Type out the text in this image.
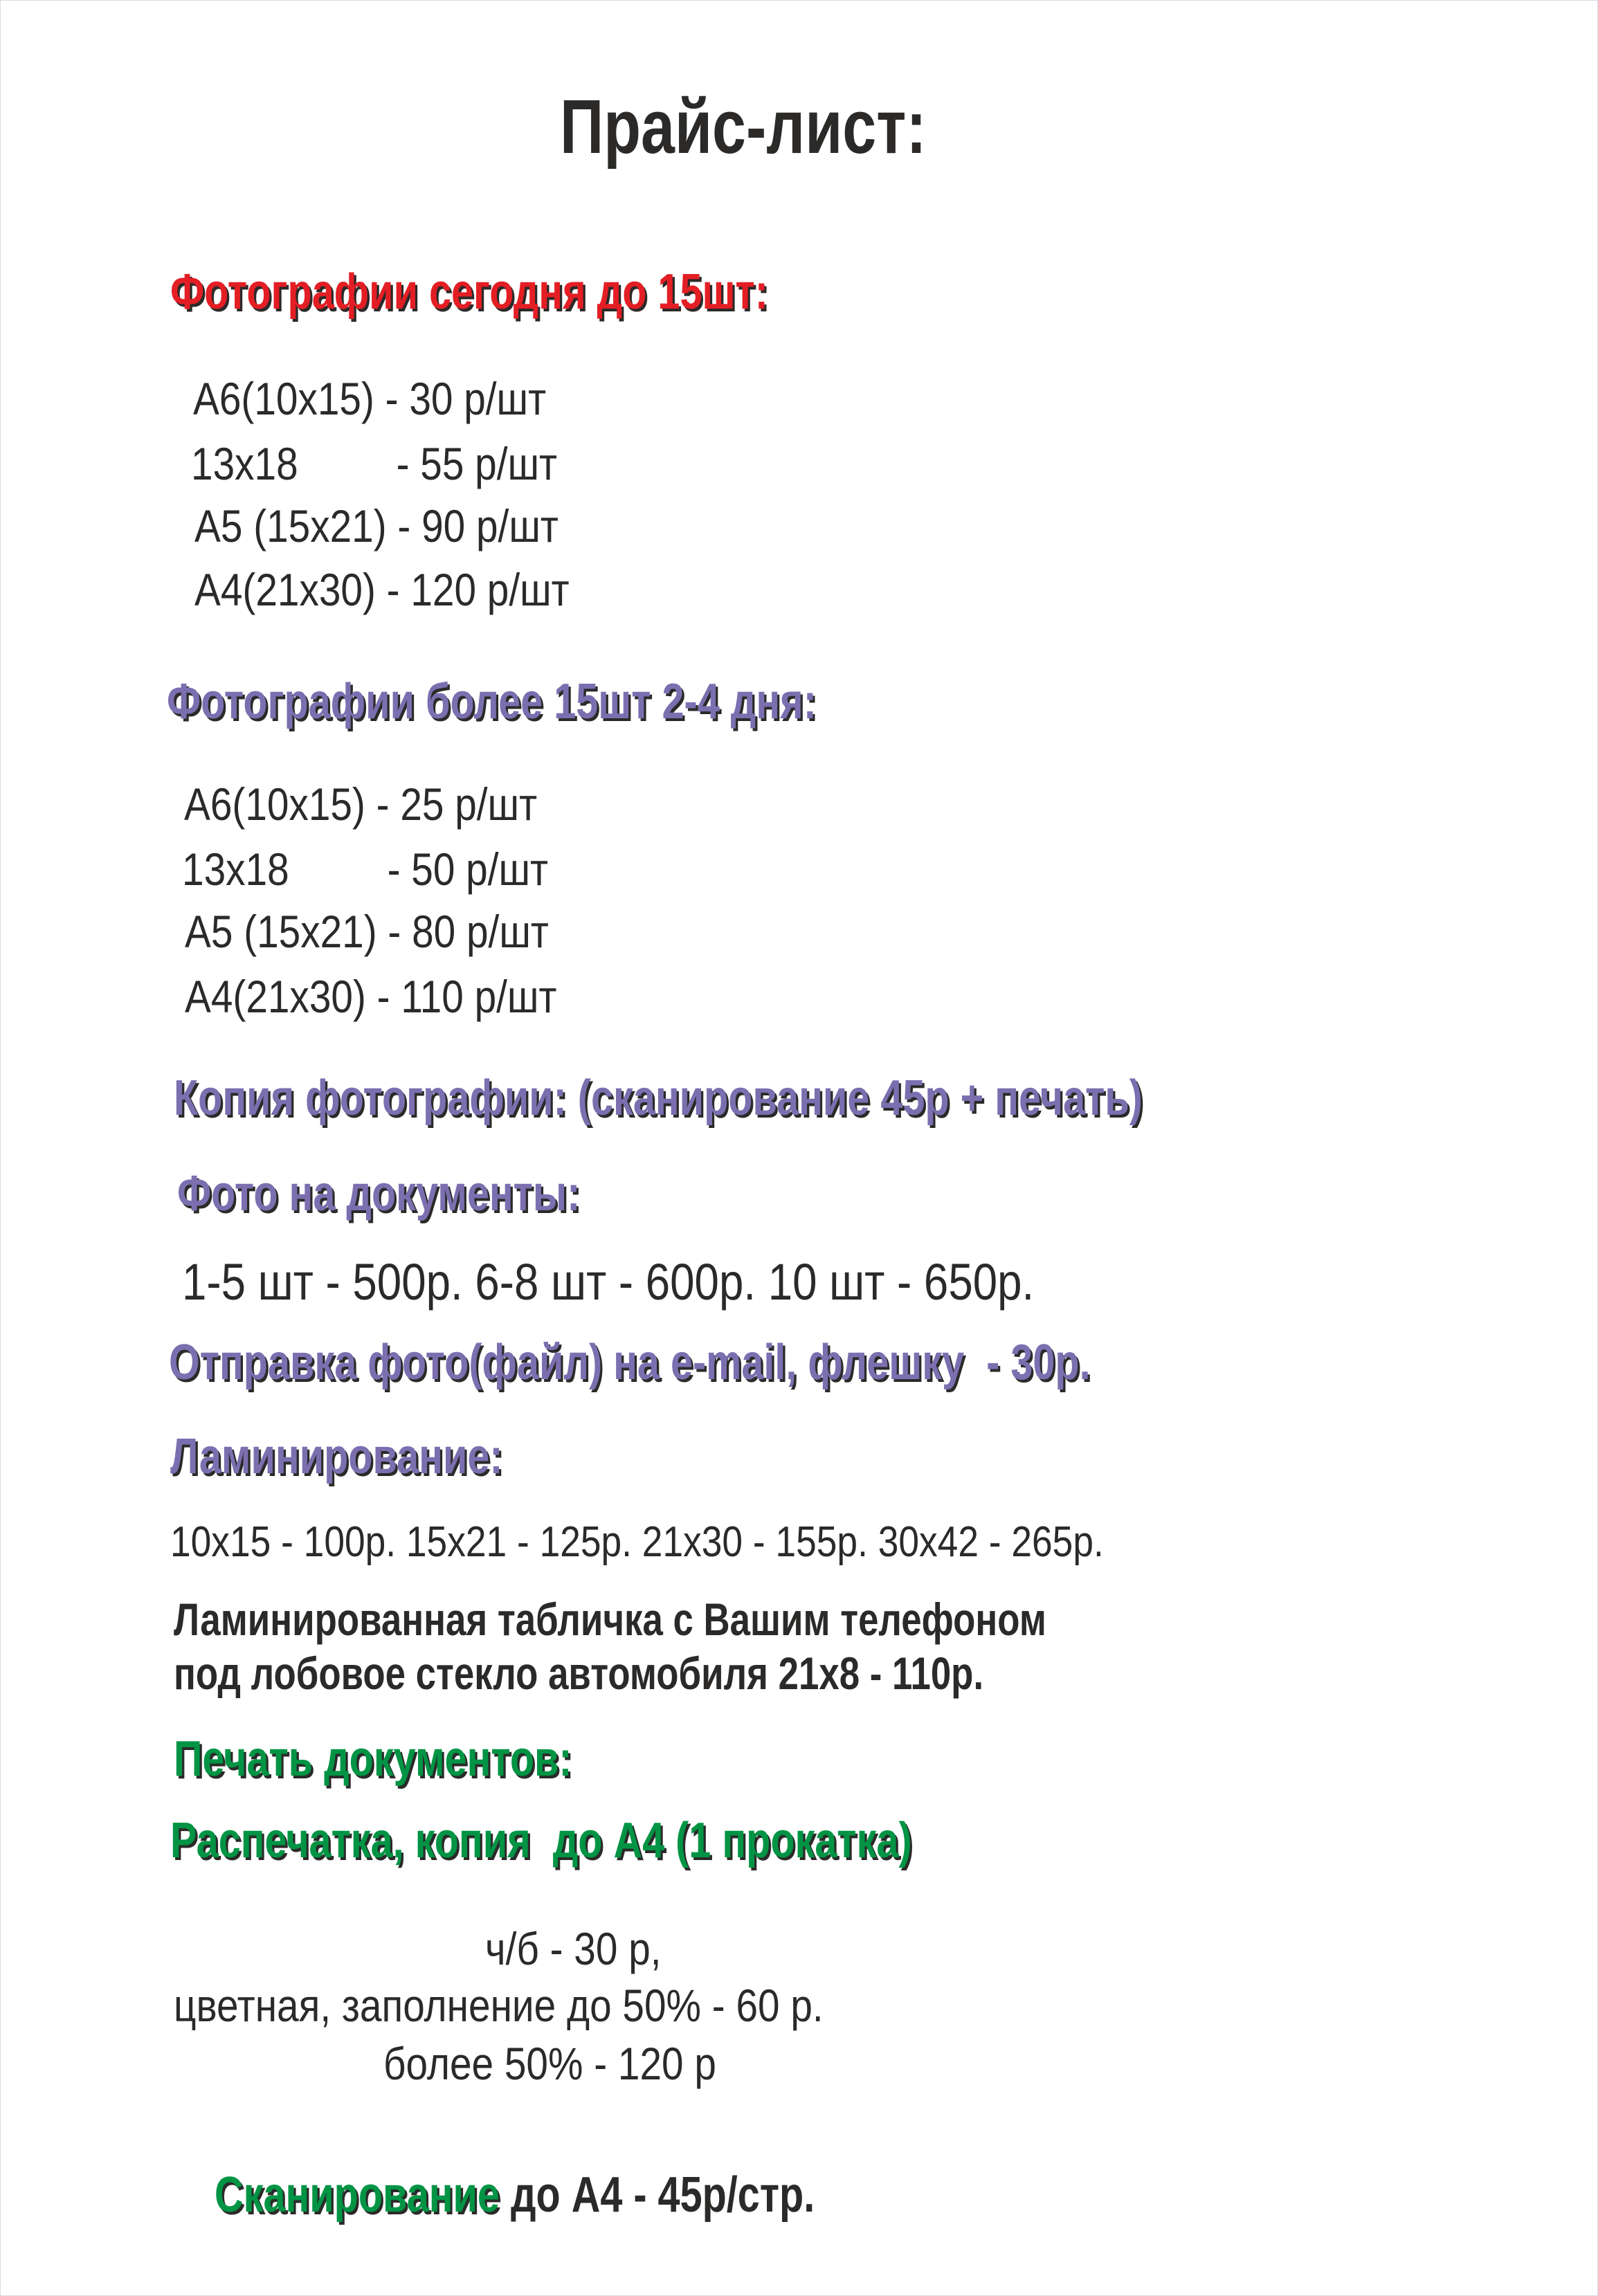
Прайс-лист:
Фотографии сегодня до 15шт:
А6(10х15) - 30 р/шт
13х18         - 55 р/шт
А5 (15х21) - 90 р/шт
А4(21х30) - 120 р/шт
Фотографии более 15шт 2-4 дня:
А6(10х15) - 25 р/шт
13х18         - 50 р/шт
А5 (15х21) - 80 р/шт
А4(21х30) - 110 р/шт
Копия фотографии: (сканирование 45р + печать)
Фото на документы:
1-5 шт - 500р. 6-8 шт - 600р. 10 шт - 650р.
Отправка фото(файл) на e-mail, флешку  - 30р.
Ламинирование:
10х15 - 100р. 15х21 - 125р. 21х30 - 155р. 30х42 - 265р.
Ламинированная табличка с Вашим телефоном
под лобовое стекло автомобиля 21х8 - 110р.
Печать документов:
Распечатка, копия  до А4 (1 прокатка)
ч/б - 30 р,
цветная, заполнение до 50% - 60 р.
более 50% - 120 р

Сканирование до А4 - 45р/стр.
